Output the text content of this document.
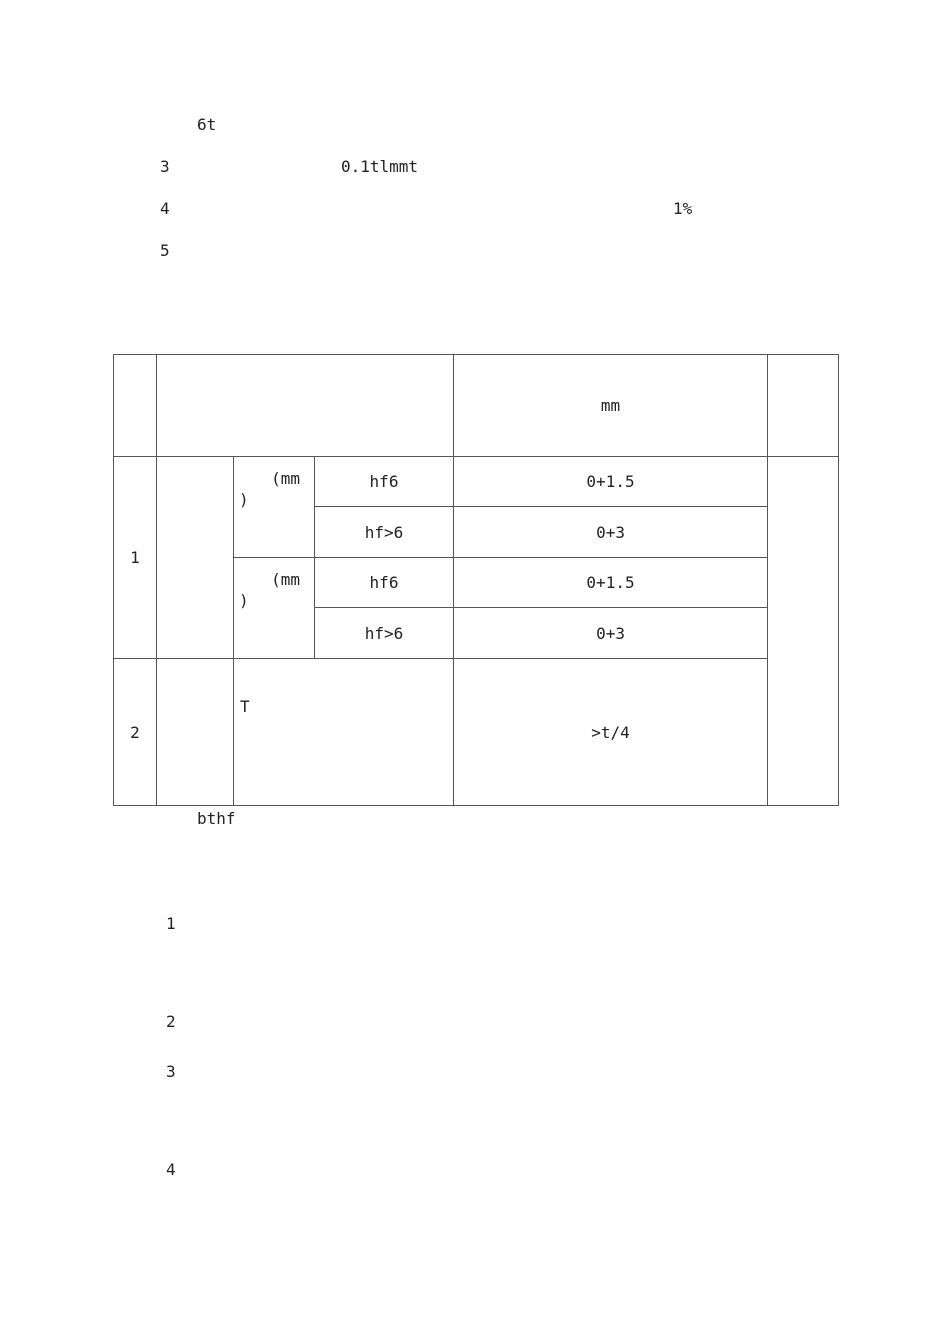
6t
3	0.1tlmmt
4	1%
5
				mm	
1		(mm
)	hf6	0+1.5	
			hf>6	0+3	

		(mm
)	hf6	0+1.5	
			hf>6	0+3	
2		T		>t/4	
bthf
1
2
3
4
